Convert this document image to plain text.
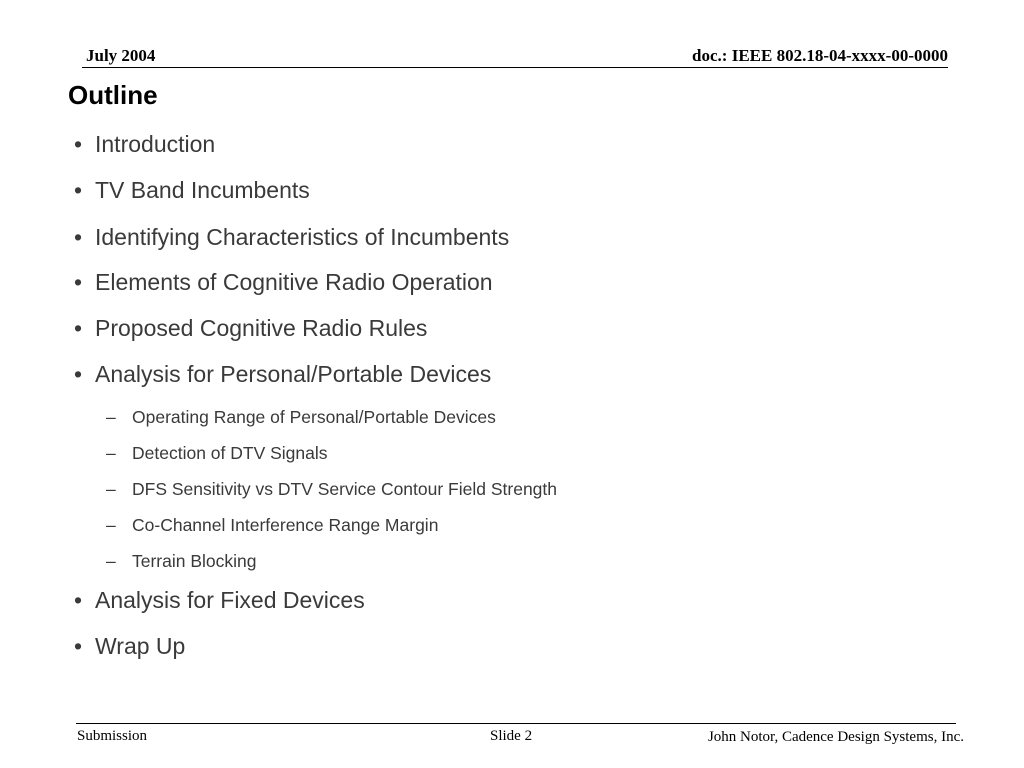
July 2004	doc.: IEEE 802.18-04-xxxx-00-0000
Outline
• Introduction
• TV Band Incumbents
• Identifying Characteristics of Incumbents
• Elements of Cognitive Radio Operation
• Proposed Cognitive Radio Rules
• Analysis for Personal/Portable Devices
– Operating Range of Personal/Portable Devices
– Detection of DTV Signals
– DFS Sensitivity vs DTV Service Contour Field Strength
– Co-Channel Interference Range Margin
– Terrain Blocking
• Analysis for Fixed Devices
• Wrap Up
Submission	Slide 2	John Notor, Cadence Design Systems, Inc.
